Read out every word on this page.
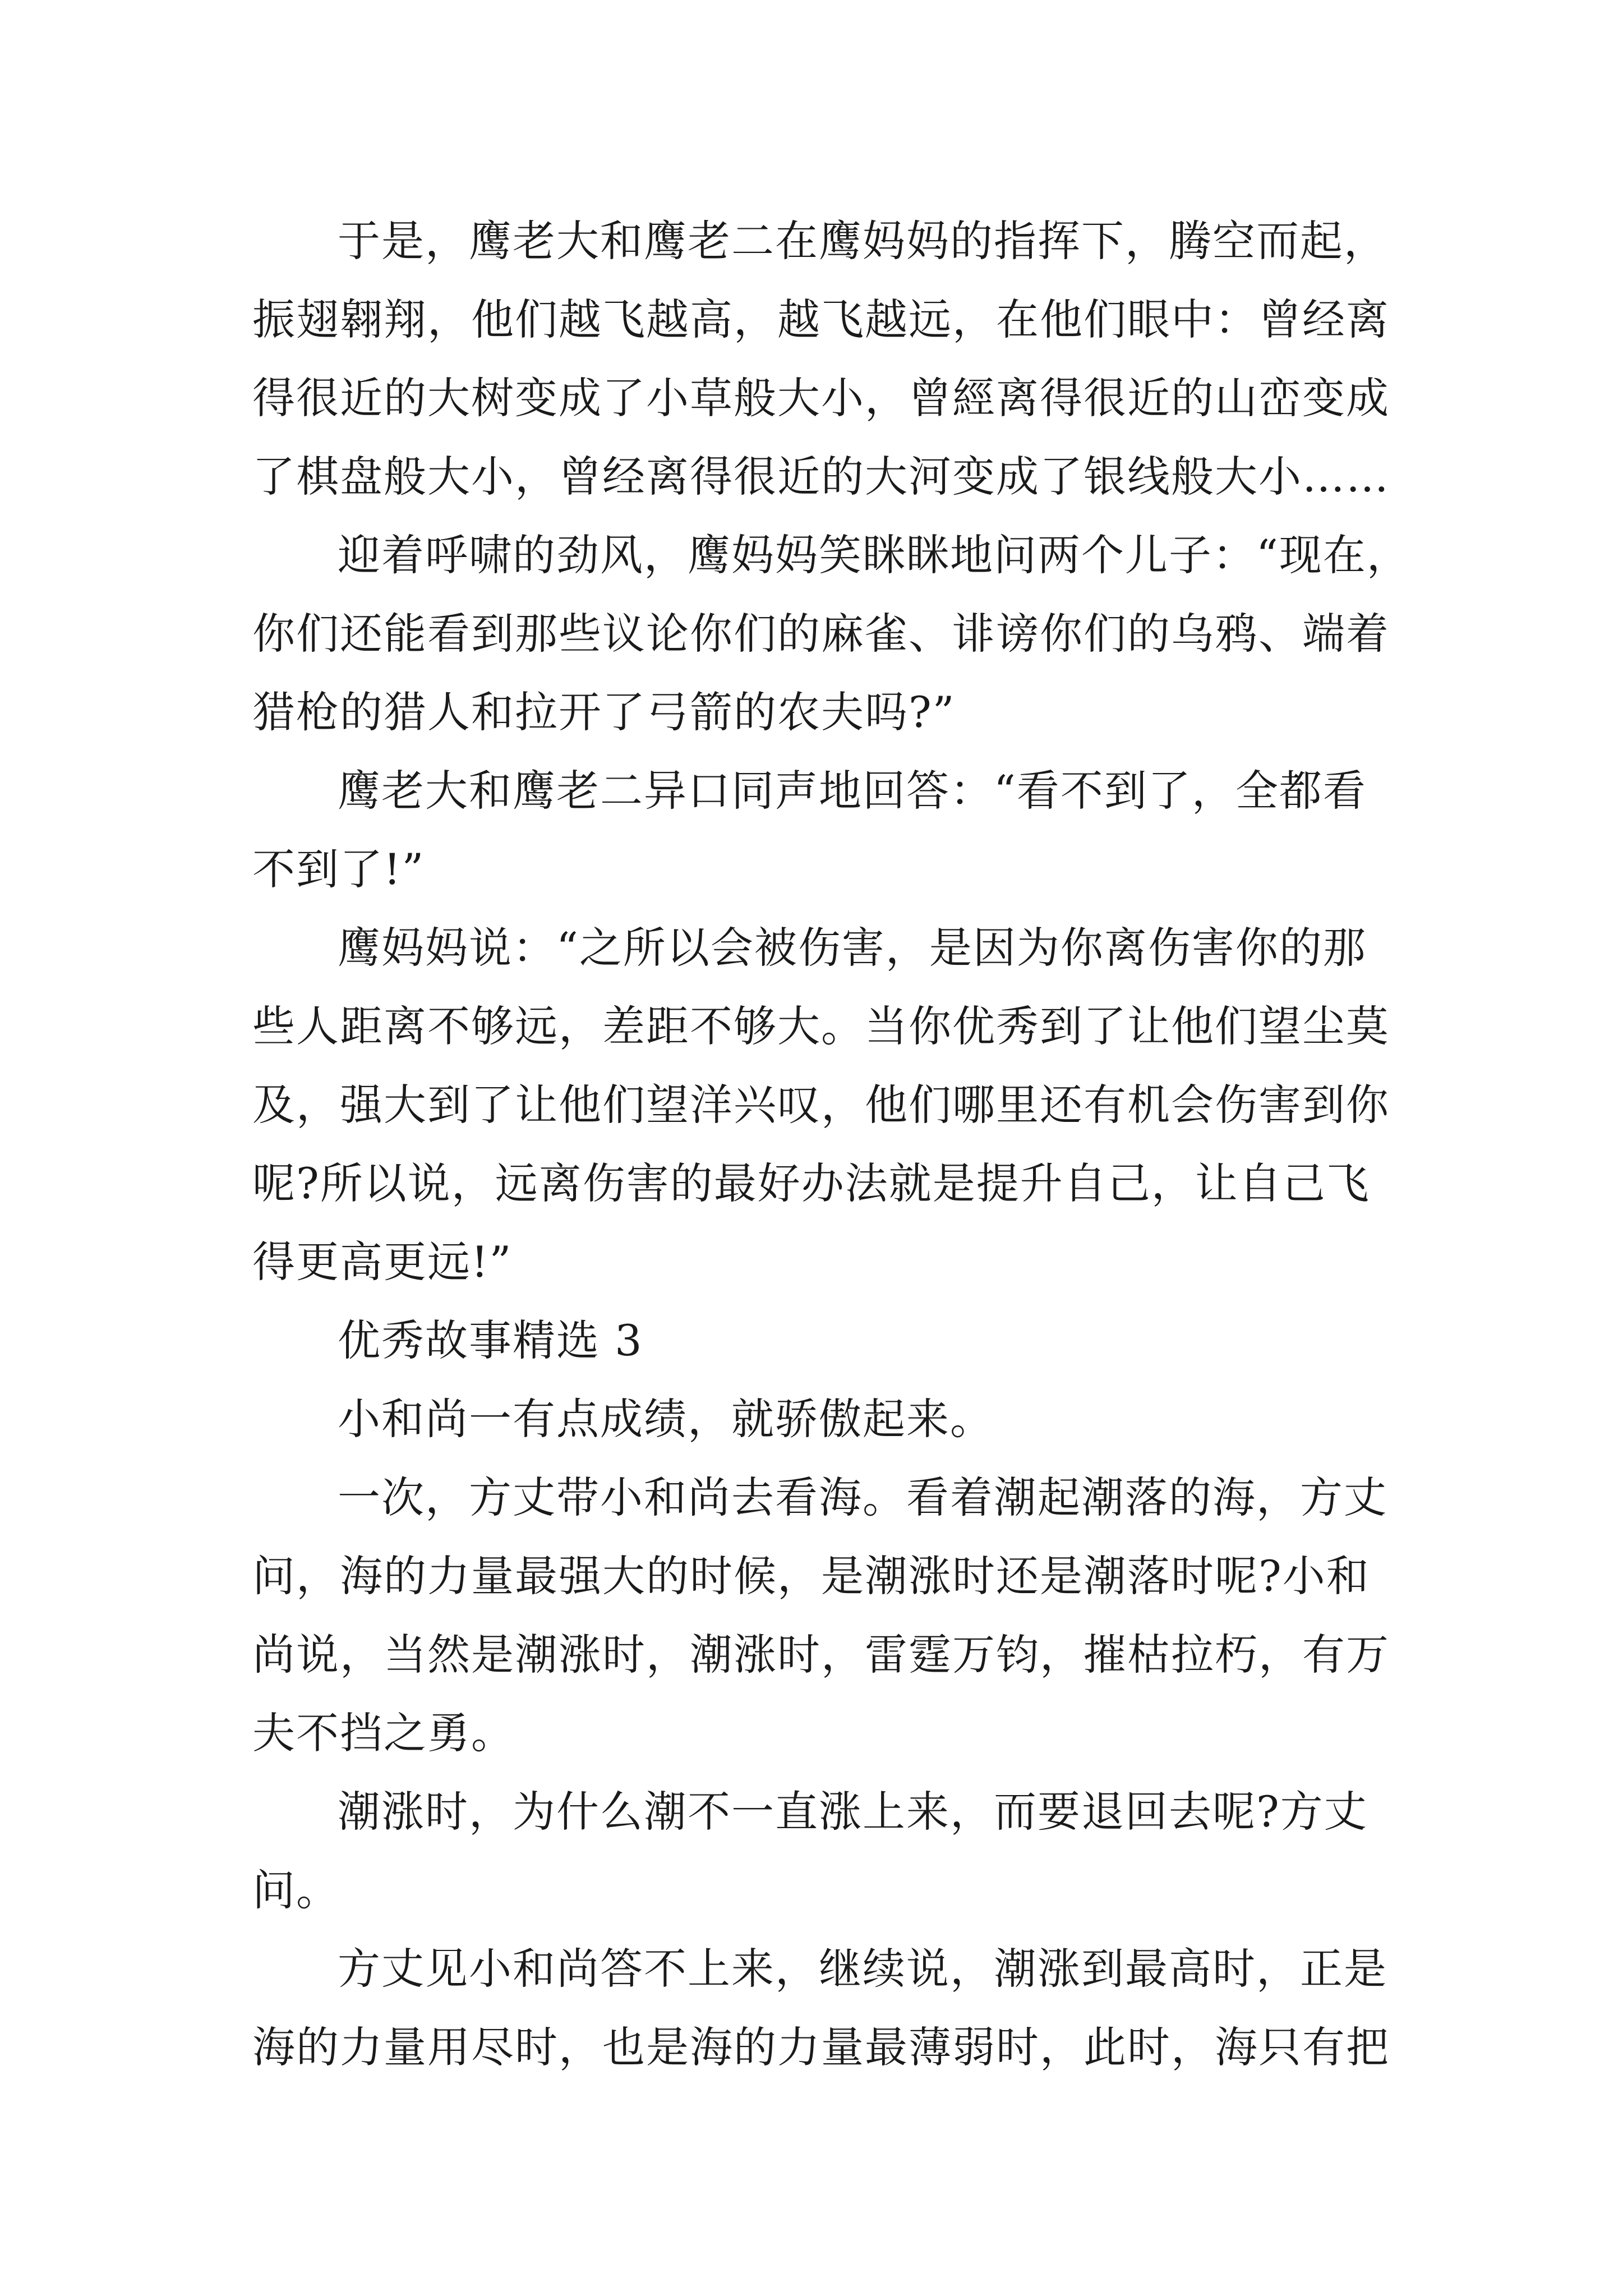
于是，鹰老大和鹰老二在鹰妈妈的指挥下，腾空而起，
振翅翱翔，他们越飞越高，越飞越远，在他们眼中：曾经离
得很近的大树变成了小草般大小，曾經离得很近的山峦变成
了棋盘般大小，曾经离得很近的大河变成了银线般大小……
迎着呼啸的劲风，鹰妈妈笑眯眯地问两个儿子：“现在，
你们还能看到那些议论你们的麻雀、诽谤你们的乌鸦、端着
猎枪的猎人和拉开了弓箭的农夫吗?”
鹰老大和鹰老二异口同声地回答：“看不到了，全都看
不到了!”
鹰妈妈说：“之所以会被伤害，是因为你离伤害你的那
些人距离不够远，差距不够大。当你优秀到了让他们望尘莫
及，强大到了让他们望洋兴叹，他们哪里还有机会伤害到你
呢?所以说，远离伤害的最好办法就是提升自己，让自己飞
得更高更远!”
优秀故事精选 3
小和尚一有点成绩，就骄傲起来。
一次，方丈带小和尚去看海。看着潮起潮落的海，方丈
问，海的力量最强大的时候，是潮涨时还是潮落时呢?小和
尚说，当然是潮涨时，潮涨时，雷霆万钧，摧枯拉朽，有万
夫不挡之勇。
潮涨时，为什么潮不一直涨上来，而要退回去呢?方丈
问。
方丈见小和尚答不上来，继续说，潮涨到最高时，正是
海的力量用尽时，也是海的力量最薄弱时，此时，海只有把
